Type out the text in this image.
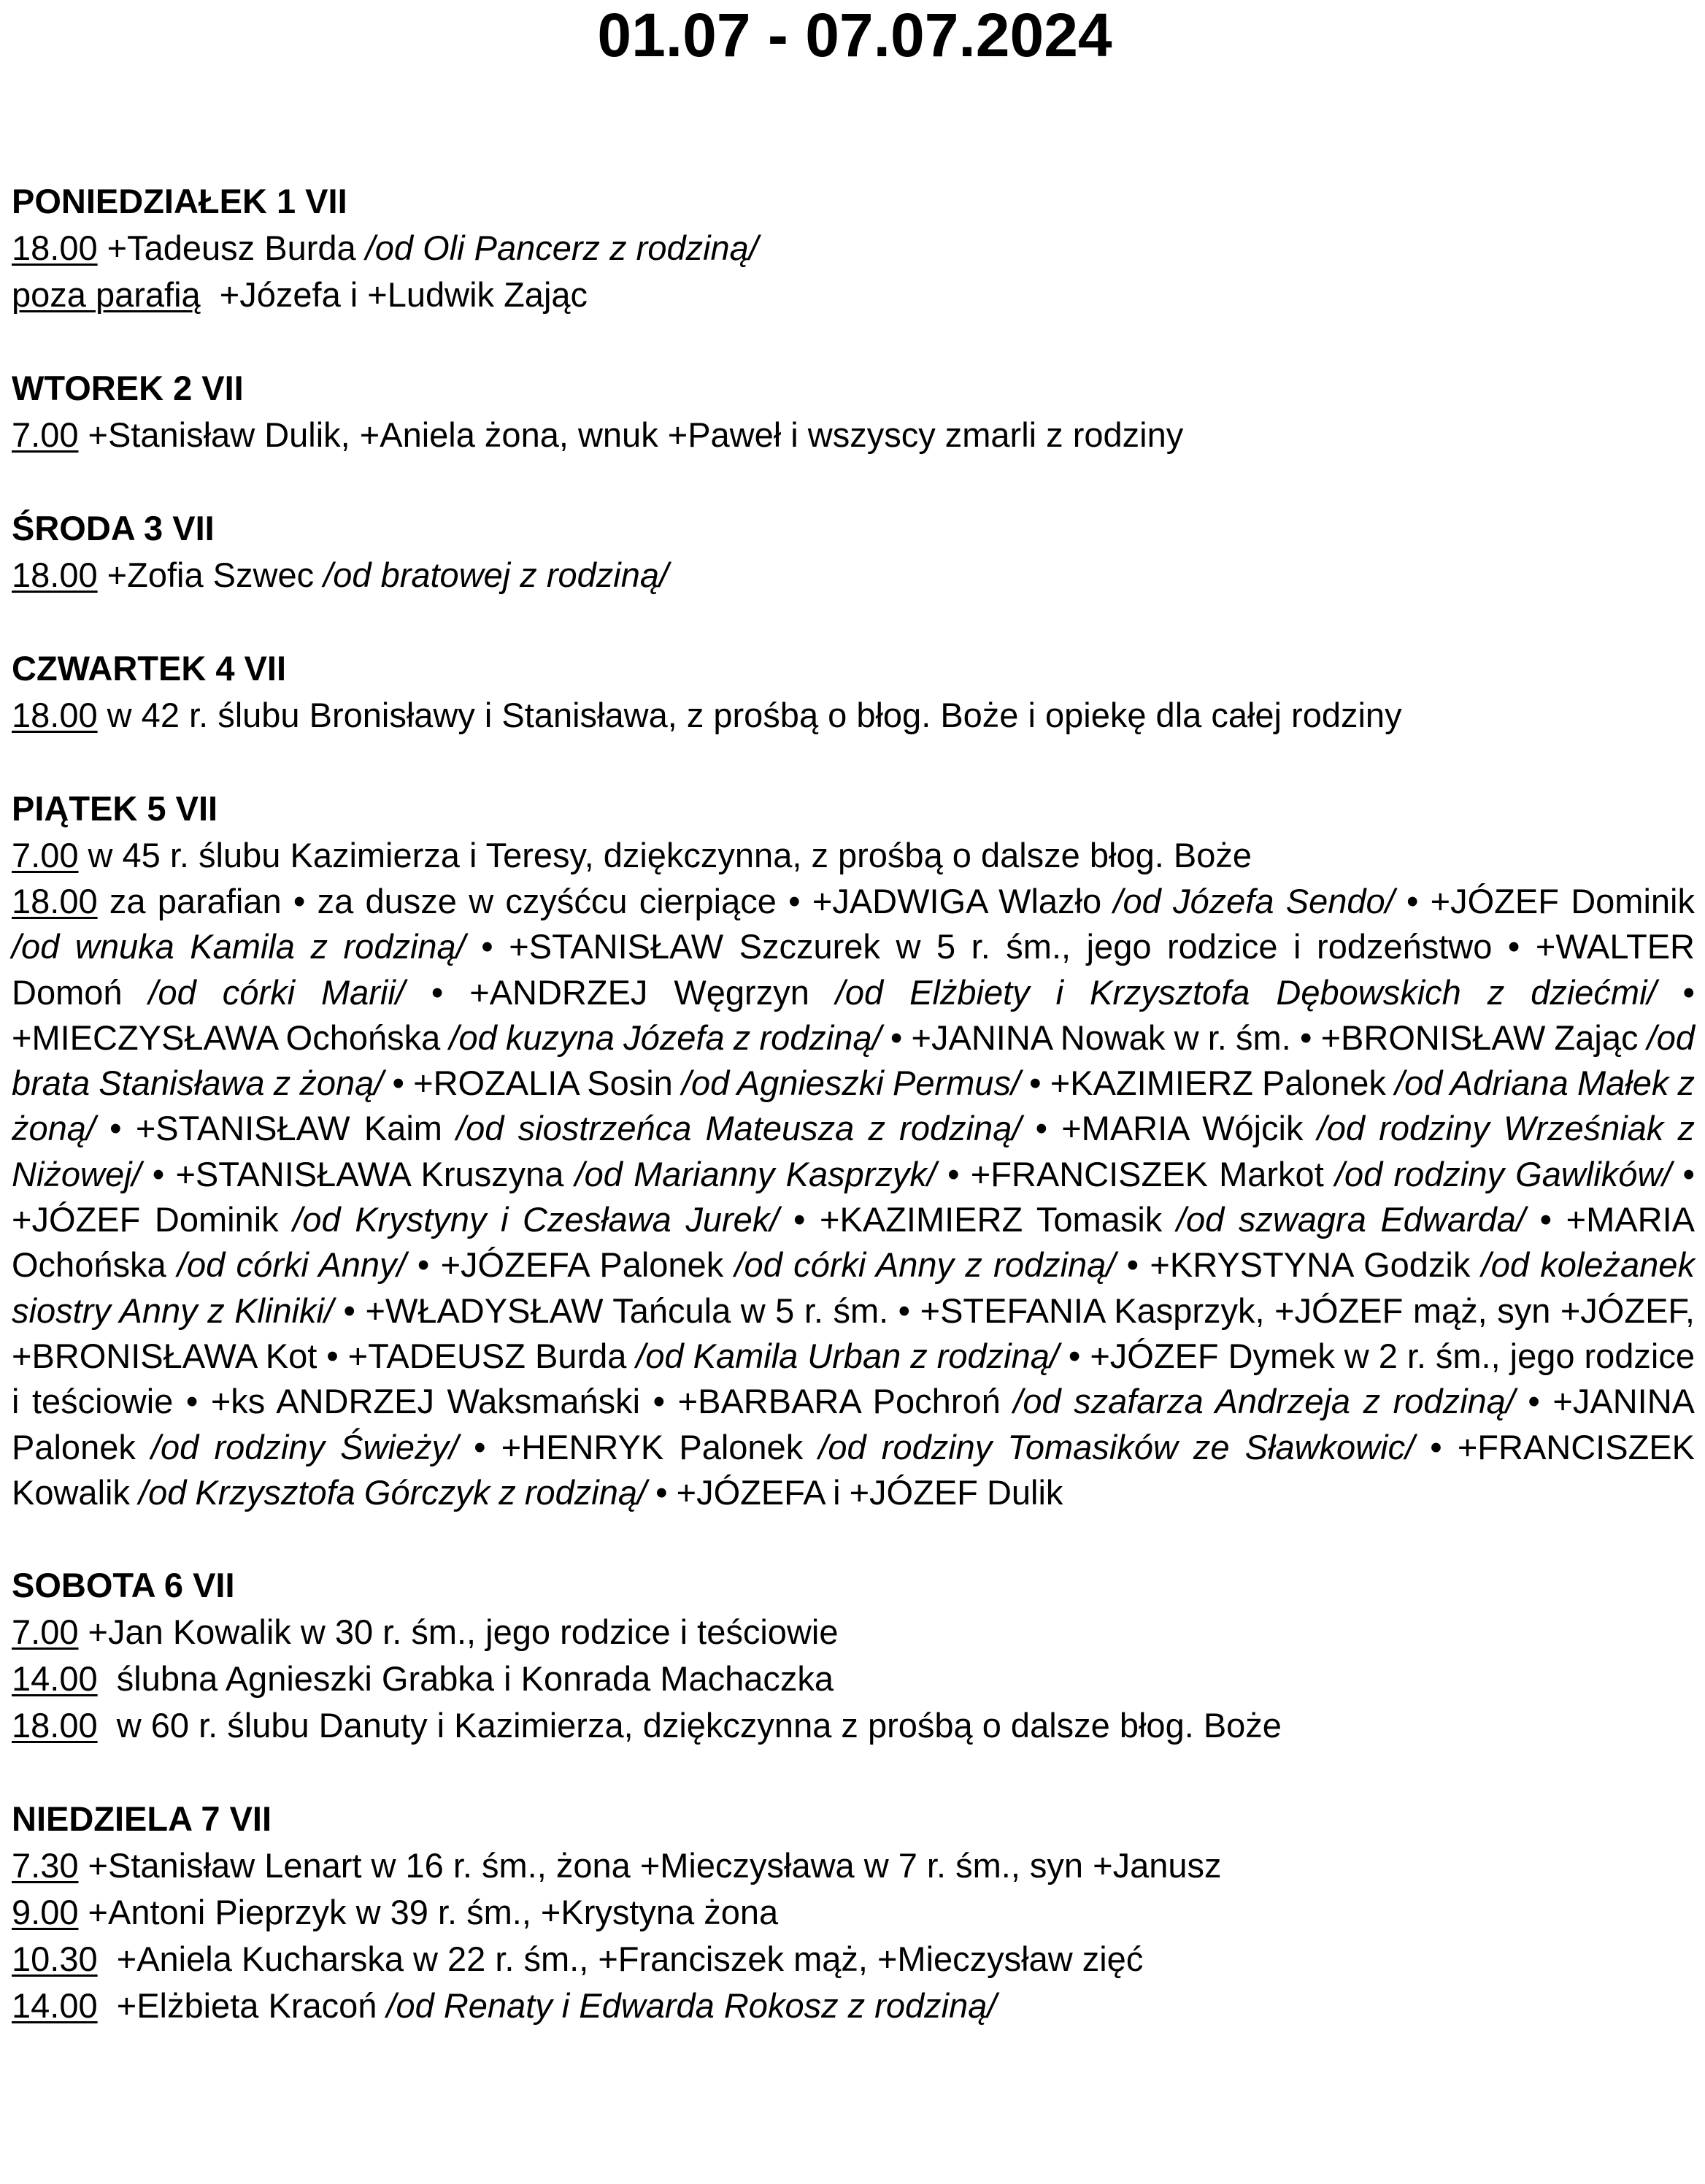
01.07 - 07.07.2024
PONIEDZIAŁEK 1 VII
18.00 +Tadeusz Burda /od Oli Pancerz z rodziną/
poza parafią  +Józefa i +Ludwik Zając
WTOREK 2 VII
7.00 +Stanisław Dulik, +Aniela żona, wnuk +Paweł i wszyscy zmarli z rodziny
ŚRODA 3 VII
18.00 +Zofia Szwec /od bratowej z rodziną/
CZWARTEK 4 VII
18.00 w 42 r. ślubu Bronisławy i Stanisława, z prośbą o błog. Boże i opiekę dla całej rodziny
PIĄTEK 5 VII
7.00 w 45 r. ślubu Kazimierza i Teresy, dziękczynna, z prośbą o dalsze błog. Boże
18.00 za parafian • za dusze w czyśćcu cierpiące • +JADWIGA Wlazło /od Józefa Sendo/ • +JÓZEF Dominik /od wnuka Kamila z rodziną/ • +STANISŁAW Szczurek w 5 r. śm., jego rodzice i rodzeństwo • +WALTER Domoń /od córki Marii/ • +ANDRZEJ Węgrzyn /od Elżbiety i Krzysztofa Dębowskich z dziećmi/ • +MIECZYSŁAWA Ochońska /od kuzyna Józefa z rodziną/ • +JANINA Nowak w r. śm. • +BRONISŁAW Zając /od brata Stanisława z żoną/ • +ROZALIA Sosin /od Agnieszki Permus/ • +KAZIMIERZ Palonek /od Adriana Małek z żoną/ • +STANISŁAW Kaim /od siostrzeńca Mateusza z rodziną/ • +MARIA Wójcik /od rodziny Wrześniak z Niżowej/ • +STANISŁAWA Kruszyna /od Marianny Kasprzyk/ • +FRANCISZEK Markot /od rodziny Gawlików/ • +JÓZEF Dominik /od Krystyny i Czesława Jurek/ • +KAZIMIERZ Tomasik /od szwagra Edwarda/ • +MARIA Ochońska /od córki Anny/ • +JÓZEFA Palonek /od córki Anny z rodziną/ • +KRYSTYNA Godzik /od koleżanek siostry Anny z Kliniki/ • +WŁADYSŁAW Tańcula w 5 r. śm. • +STEFANIA Kasprzyk, +JÓZEF mąż, syn +JÓZEF, +BRONISŁAWA Kot • +TADEUSZ Burda /od Kamila Urban z rodziną/ • +JÓZEF Dymek w 2 r. śm., jego rodzice i teściowie • +ks ANDRZEJ Waksmański • +BARBARA Pochroń /od szafarza Andrzeja z rodziną/ • +JANINA Palonek /od rodziny Świeży/ • +HENRYK Palonek /od rodziny Tomasików ze Sławkowic/ • +FRANCISZEK Kowalik /od Krzysztofa Górczyk z rodziną/ • +JÓZEFA i +JÓZEF Dulik
SOBOTA 6 VII
7.00 +Jan Kowalik w 30 r. śm., jego rodzice i teściowie
14.00  ślubna Agnieszki Grabka i Konrada Machaczka
18.00  w 60 r. ślubu Danuty i Kazimierza, dziękczynna z prośbą o dalsze błog. Boże
NIEDZIELA 7 VII
7.30 +Stanisław Lenart w 16 r. śm., żona +Mieczysława w 7 r. śm., syn +Janusz
9.00 +Antoni Pieprzyk w 39 r. śm., +Krystyna żona
10.30  +Aniela Kucharska w 22 r. śm., +Franciszek mąż, +Mieczysław zięć
14.00  +Elżbieta Kracoń /od Renaty i Edwarda Rokosz z rodziną/
